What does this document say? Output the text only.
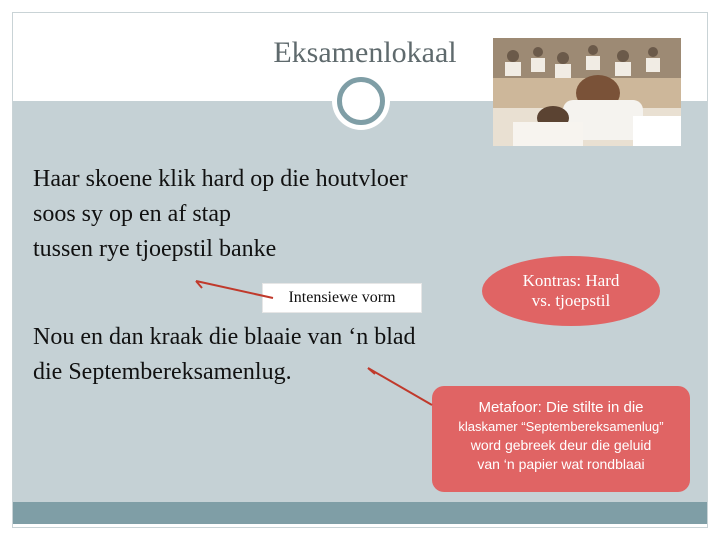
Eksamenlokaal
Haar skoene klik hard op die houtvloer
soos sy op en af stap
tussen rye tjoepstil banke
Intensiewe vorm
Kontras: Hard
vs. tjoepstil
Nou en dan kraak die blaaie van ‘n blad
die Septembereksamenlug.
Metafoor: Die stilte in die
klaskamer “Septembereksamenlug”
word gebreek deur die geluid
van ‘n papier wat rondblaai
